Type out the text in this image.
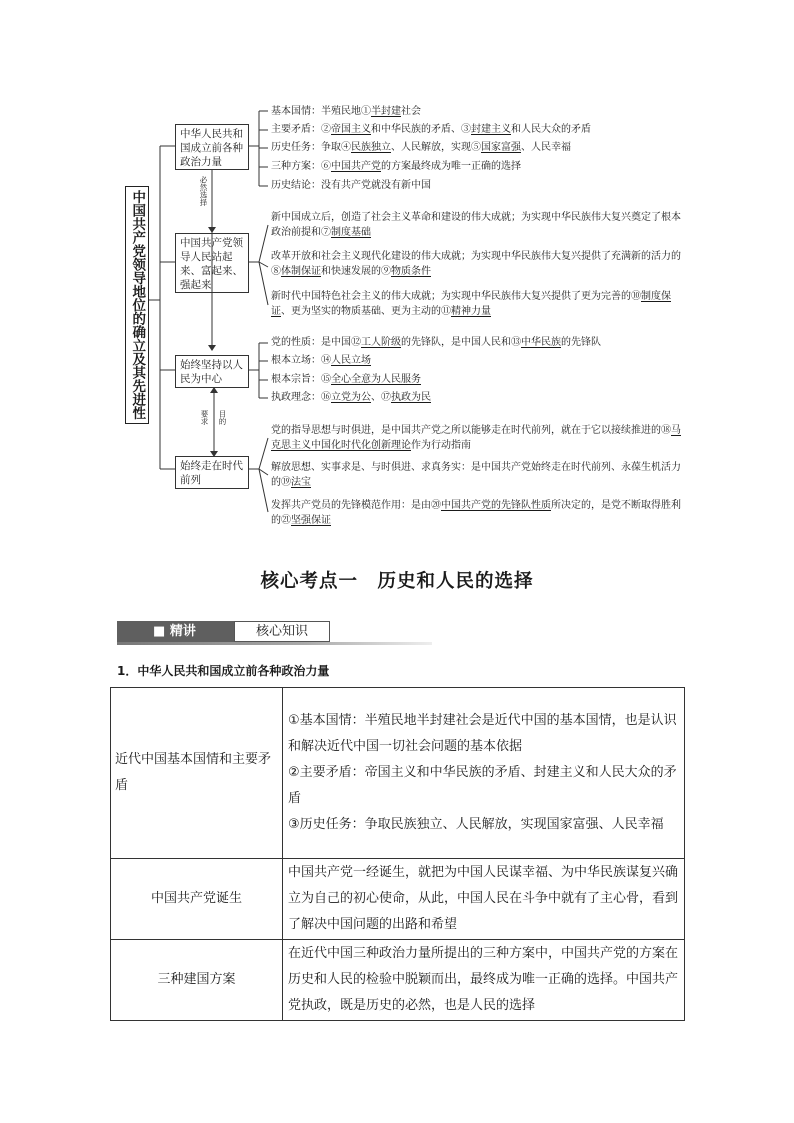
中国共产党领导地位的确立及其先进性
中华人民共和国成立前各种政治力量
中国共产党领导人民站起来、富起来、强起来
始终坚持以人民为中心
始终走在时代前列
必然选择
要求 目的
基本国情：半殖民地①半封建社会
主要矛盾：②帝国主义和中华民族的矛盾、③封建主义和人民大众的矛盾
历史任务：争取④民族独立、人民解放，实现⑤国家富强、人民幸福
三种方案：⑥中国共产党的方案最终成为唯一正确的选择
历史结论：没有共产党就没有新中国
新中国成立后，创造了社会主义革命和建设的伟大成就；为实现中华民族伟大复兴奠定了根本政治前提和⑦制度基础
改革开放和社会主义现代化建设的伟大成就；为实现中华民族伟大复兴提供了充满新的活力的⑧体制保证和快速发展的⑨物质条件
新时代中国特色社会主义的伟大成就；为实现中华民族伟大复兴提供了更为完善的⑩制度保证、更为坚实的物质基础、更为主动的⑪精神力量
党的性质：是中国⑫工人阶级的先锋队，是中国人民和⑬中华民族的先锋队
根本立场：⑭人民立场
根本宗旨：⑮全心全意为人民服务
执政理念：⑯立党为公、⑰执政为民
党的指导思想与时俱进，是中国共产党之所以能够走在时代前列，就在于它以接续推进的⑱马克思主义中国化时代化创新理论作为行动指南
解放思想、实事求是、与时俱进、求真务实：是中国共产党始终走在时代前列、永葆生机活力的⑲法宝
发挥共产党员的先锋模范作用：是由⑳中国共产党的先锋队性质所决定的，是党不断取得胜利的㉑坚强保证
核心考点一　历史和人民的选择
■ 精讲	核心知识
1．中华人民共和国成立前各种政治力量
近代中国基本国情和主要矛盾	①基本国情：半殖民地半封建社会是近代中国的基本国情，也是认识和解决近代中国一切社会问题的基本依据
②主要矛盾：帝国主义和中华民族的矛盾、封建主义和人民大众的矛盾
③历史任务：争取民族独立、人民解放，实现国家富强、人民幸福

中国共产党诞生	中国共产党一经诞生，就把为中国人民谋幸福、为中华民族谋复兴确立为自己的初心使命，从此，中国人民在斗争中就有了主心骨，看到了解决中国问题的出路和希望
三种建国方案	在近代中国三种政治力量所提出的三种方案中，中国共产党的方案在历史和人民的检验中脱颖而出，最终成为唯一正确的选择。中国共产党执政，既是历史的必然，也是人民的选择
